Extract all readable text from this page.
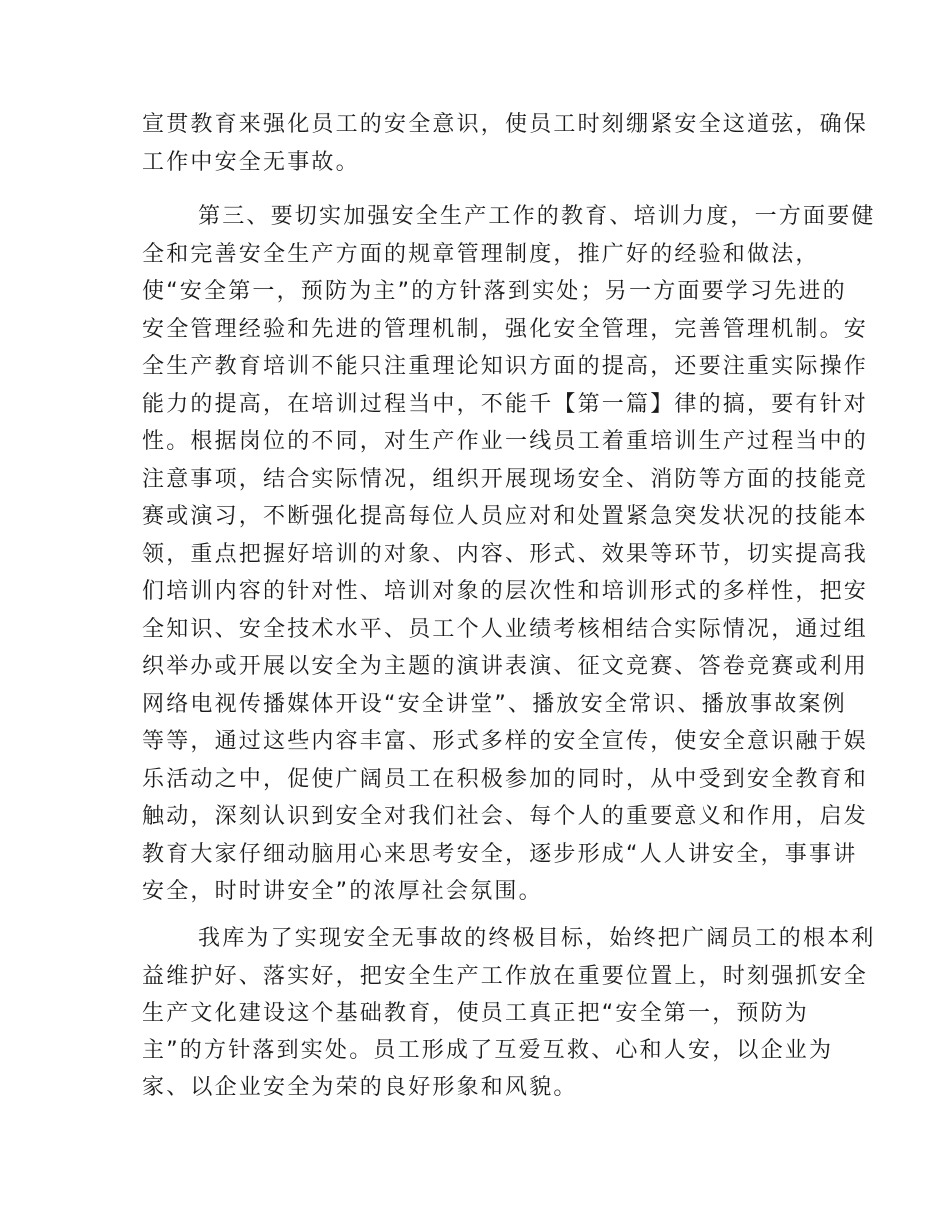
宣贯教育来强化员工的安全意识，使员工时刻绷紧安全这道弦，确保
工作中安全无事故。
第三、要切实加强安全生产工作的教育、培训力度，一方面要健
全和完善安全生产方面的规章管理制度，推广好的经验和做法，
使“安全第一，预防为主”的方针落到实处；另一方面要学习先进的
安全管理经验和先进的管理机制，强化安全管理，完善管理机制。安
全生产教育培训不能只注重理论知识方面的提高，还要注重实际操作
能力的提高，在培训过程当中，不能千【第一篇】律的搞，要有针对
性。根据岗位的不同，对生产作业一线员工着重培训生产过程当中的
注意事项，结合实际情况，组织开展现场安全、消防等方面的技能竞
赛或演习，不断强化提高每位人员应对和处置紧急突发状况的技能本
领，重点把握好培训的对象、内容、形式、效果等环节，切实提高我
们培训内容的针对性、培训对象的层次性和培训形式的多样性，把安
全知识、安全技术水平、员工个人业绩考核相结合实际情况，通过组
织举办或开展以安全为主题的演讲表演、征文竞赛、答卷竞赛或利用
网络电视传播媒体开设“安全讲堂”、播放安全常识、播放事故案例
等等，通过这些内容丰富、形式多样的安全宣传，使安全意识融于娱
乐活动之中，促使广阔员工在积极参加的同时，从中受到安全教育和
触动，深刻认识到安全对我们社会、每个人的重要意义和作用，启发
教育大家仔细动脑用心来思考安全，逐步形成“人人讲安全，事事讲
安全，时时讲安全”的浓厚社会氛围。
我库为了实现安全无事故的终极目标，始终把广阔员工的根本利
益维护好、落实好，把安全生产工作放在重要位置上，时刻强抓安全
生产文化建设这个基础教育，使员工真正把“安全第一，预防为
主”的方针落到实处。员工形成了互爱互救、心和人安，以企业为
家、以企业安全为荣的良好形象和风貌。
